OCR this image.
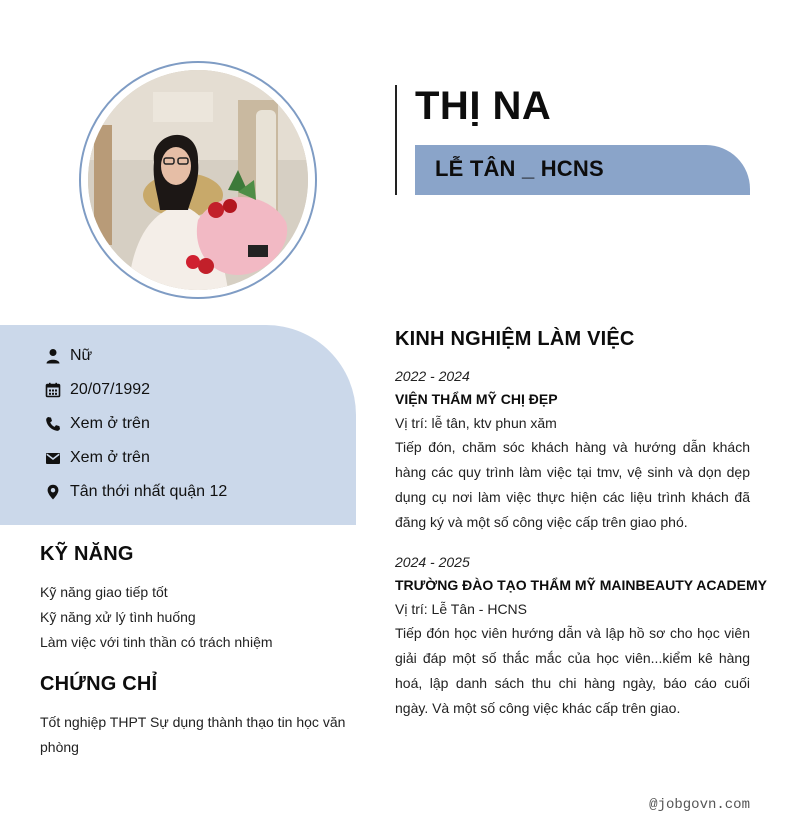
THỊ NA
LỄ TÂN _ HCNS
Nữ
20/07/1992
Xem ở trên
Xem ở trên
Tân thới nhất quận 12
KỸ NĂNG
Kỹ năng giao tiếp tốt
Kỹ năng xử lý tình huống
Làm việc với tinh thần có trách nhiệm
CHỨNG CHỈ
Tốt nghiệp THPT Sự dụng thành thạo tin học văn phòng
KINH NGHIỆM LÀM VIỆC
2022 - 2024
VIỆN THẨM MỸ CHỊ ĐẸP
Vị trí: lễ tân, ktv phun xăm
Tiếp đón, chăm sóc khách hàng và hướng dẫn khách hàng các quy trình làm việc tại tmv, vệ sinh và dọn dẹp dụng cụ nơi làm việc thực hiện các liệu trình khách đã đăng ký và một số công việc cấp trên giao phó.
2024 - 2025
TRƯỜNG ĐÀO TẠO THẨM MỸ MAINBEAUTY ACADEMY
Vị trí: Lễ Tân - HCNS
Tiếp đón học viên hướng dẫn và lập hồ sơ cho học viên giải đáp một số thắc mắc của học viên...kiểm kê hàng hoá, lập danh sách thu chi hàng ngày, báo cáo cuối ngày. Và một số công việc khác cấp trên giao.
@jobgovn.com
